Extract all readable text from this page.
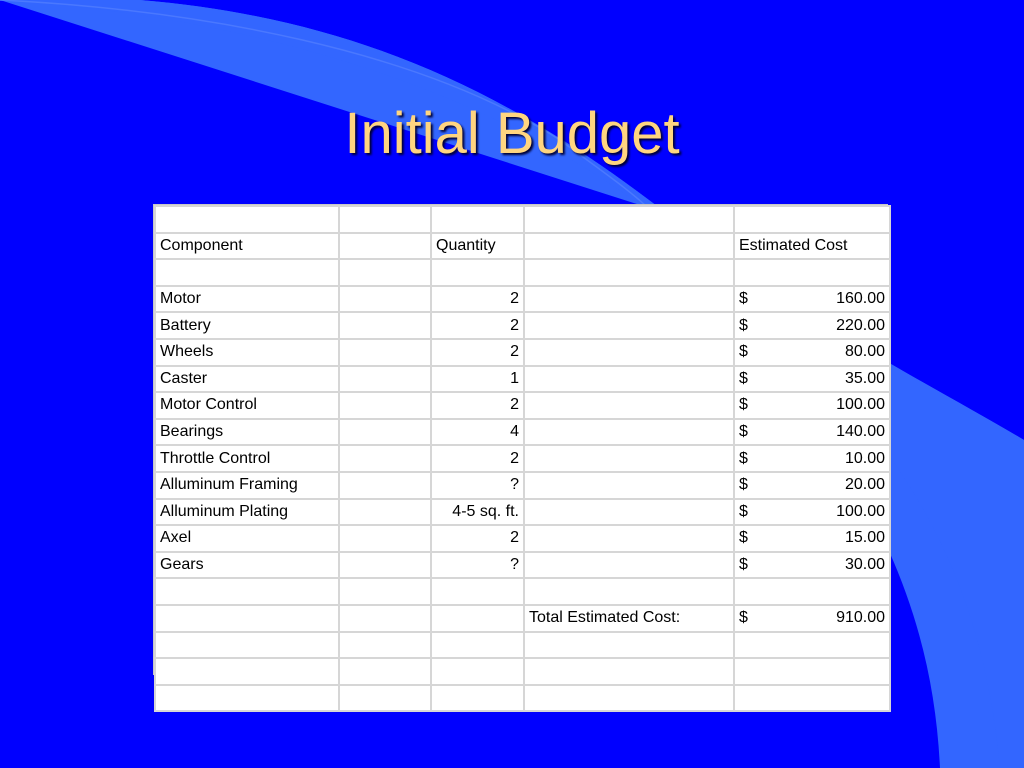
Initial Budget

Component		Quantity		Estimated Cost

Motor		2		$ 160.00

Battery		2		$ 220.00

Wheels		2		$ 80.00

Caster		1		$ 35.00

Motor Control		2		$ 100.00

Bearings		4		$ 140.00

Throttle Control		2		$ 10.00

Alluminum Framing		?		$ 20.00

Alluminum Plating		4-5 sq. ft.		$ 100.00

Axel		2		$ 15.00

Gears		?		$ 30.00

			Total Estimated Cost:	$ 910.00
